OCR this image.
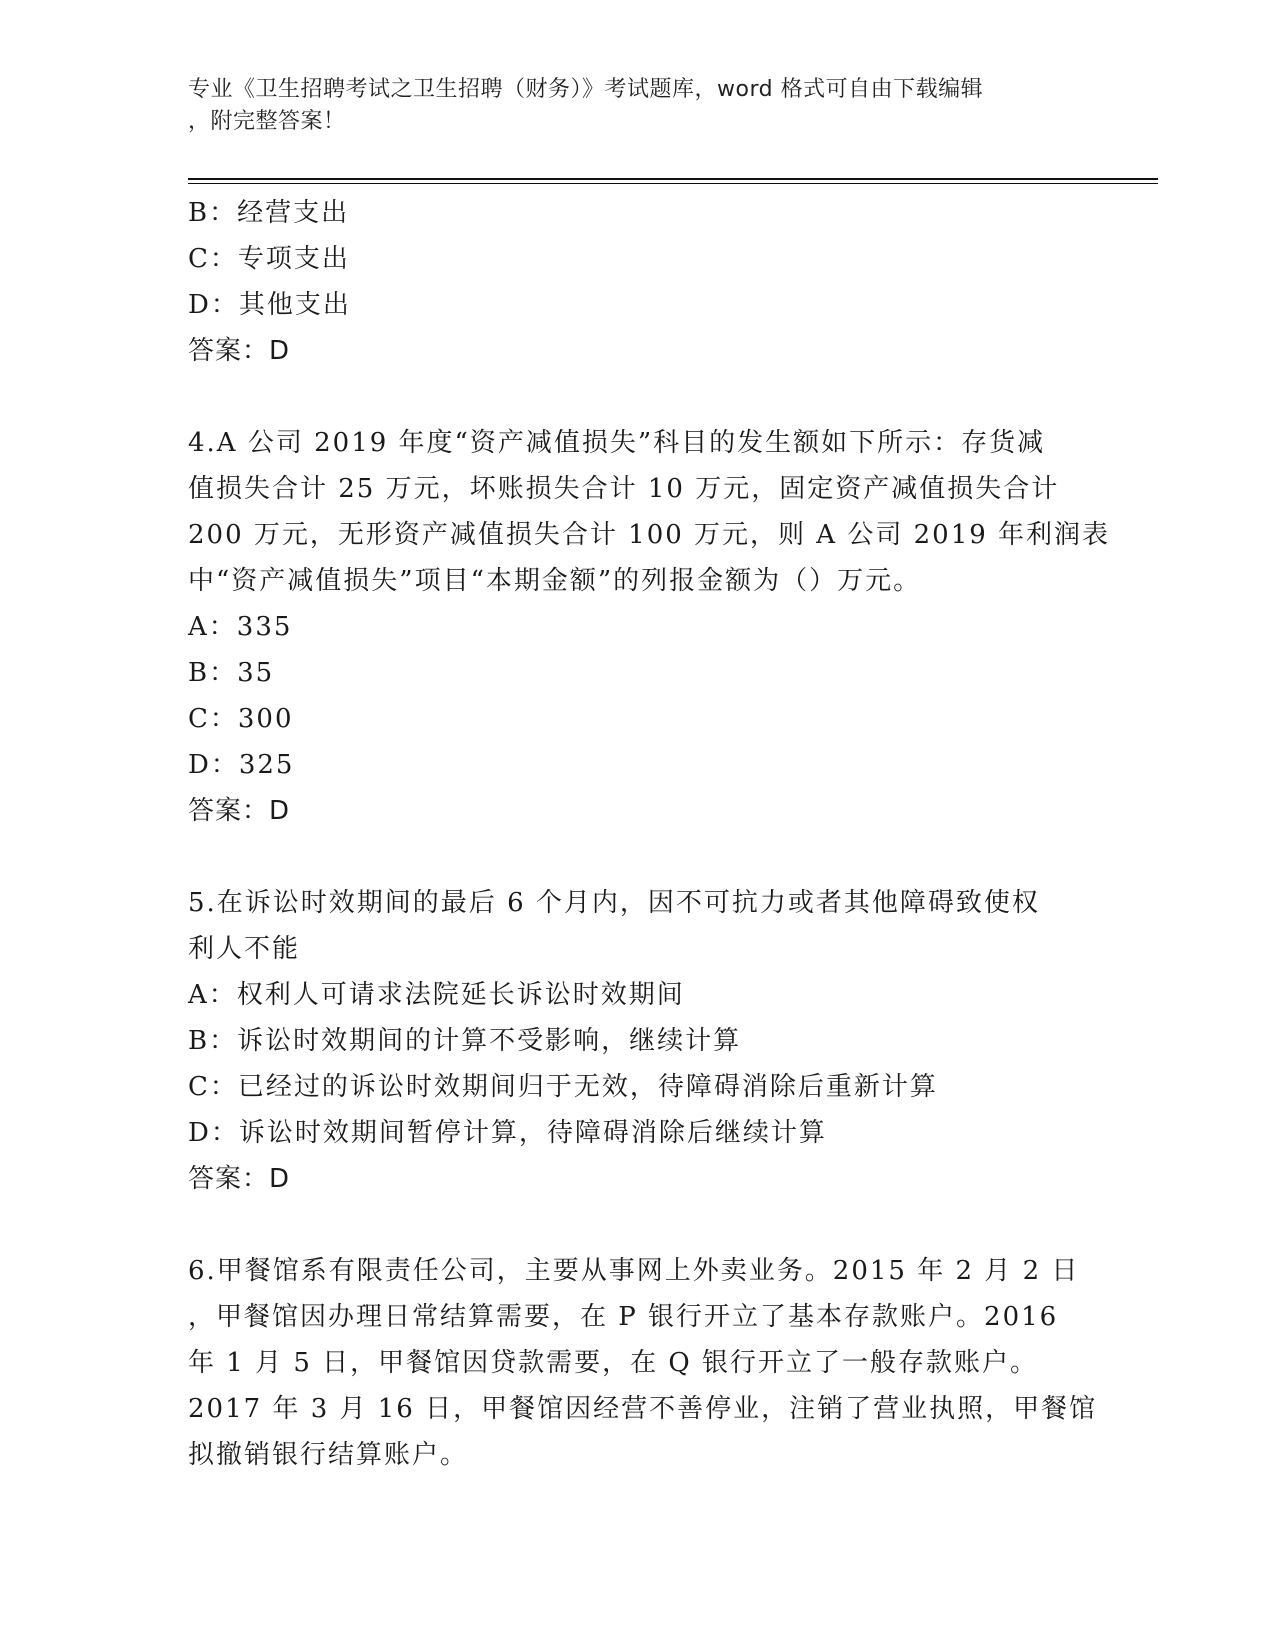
专业《卫生招聘考试之卫生招聘（财务）》考试题库，word 格式可自由下载编辑
，附完整答案！

B：经营支出

C：专项支出

D：其他支出

答案：D

4.A 公司 2019 年度“资产减值损失”科目的发生额如下所示：存货减

值损失合计 25 万元，坏账损失合计 10 万元，固定资产减值损失合计

200 万元，无形资产减值损失合计 100 万元，则 A 公司 2019 年利润表

中“资产减值损失”项目“本期金额”的列报金额为（）万元。

A：335

B：35

C：300

D：325

答案：D

5.在诉讼时效期间的最后 6 个月内，因不可抗力或者其他障碍致使权

利人不能

A：权利人可请求法院延长诉讼时效期间

B：诉讼时效期间的计算不受影响，继续计算

C：已经过的诉讼时效期间归于无效，待障碍消除后重新计算

D：诉讼时效期间暂停计算，待障碍消除后继续计算

答案：D

6.甲餐馆系有限责任公司，主要从事网上外卖业务。2015 年 2 月 2 日

，甲餐馆因办理日常结算需要，在 P 银行开立了基本存款账户。2016

年 1 月 5 日，甲餐馆因贷款需要，在 Q 银行开立了一般存款账户。

2017 年 3 月 16 日，甲餐馆因经营不善停业，注销了营业执照，甲餐馆

拟撤销银行结算账户。
